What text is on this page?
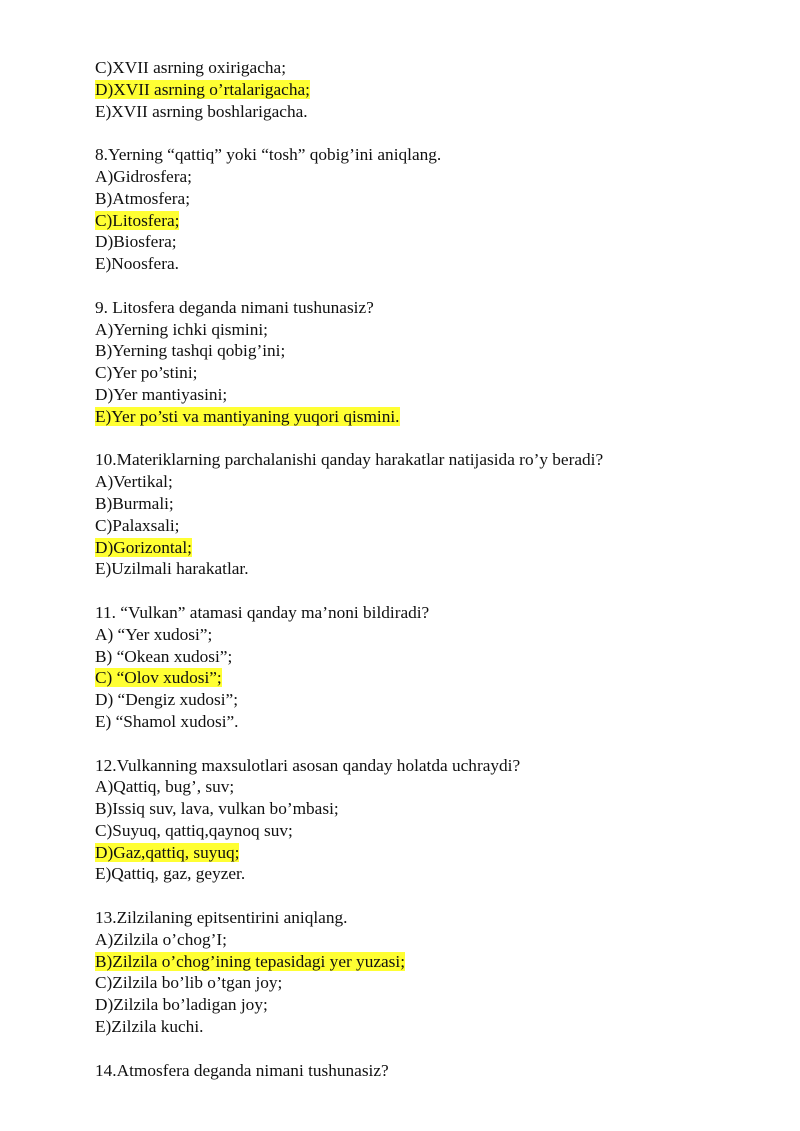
C)XVII asrning oxirigacha;
D)XVII asrning o’rtalarigacha;
E)XVII asrning boshlarigacha.
8.Yerning “qattiq” yoki “tosh” qobig’ini aniqlang.
A)Gidrosfera;
B)Atmosfera;
C)Litosfera;
D)Biosfera;
E)Noosfera.
9. Litosfera deganda nimani tushunasiz?
A)Yerning ichki qismini;
B)Yerning tashqi qobig’ini;
C)Yer po’stini;
D)Yer mantiyasini;
E)Yer po’sti va mantiyaning yuqori qismini.
10.Materiklarning parchalanishi qanday harakatlar natijasida ro’y beradi?
A)Vertikal;
B)Burmali;
C)Palaxsali;
D)Gorizontal;
E)Uzilmali harakatlar.
11. “Vulkan” atamasi qanday ma’noni bildiradi?
A) “Yer xudosi”;
B) “Okean xudosi”;
C) “Olov xudosi”;
D) “Dengiz xudosi”;
E) “Shamol xudosi”.
12.Vulkanning maxsulotlari asosan qanday holatda uchraydi?
A)Qattiq, bug’, suv;
B)Issiq suv, lava, vulkan bo’mbasi;
C)Suyuq, qattiq,qaynoq suv;
D)Gaz,qattiq, suyuq;
E)Qattiq, gaz, geyzer.
13.Zilzilaning epitsentirini aniqlang.
A)Zilzila o’chog’I;
B)Zilzila o’chog’ining tepasidagi yer yuzasi;
C)Zilzila bo’lib o’tgan joy;
D)Zilzila bo’ladigan joy;
E)Zilzila kuchi.
14.Atmosfera deganda nimani tushunasiz?
